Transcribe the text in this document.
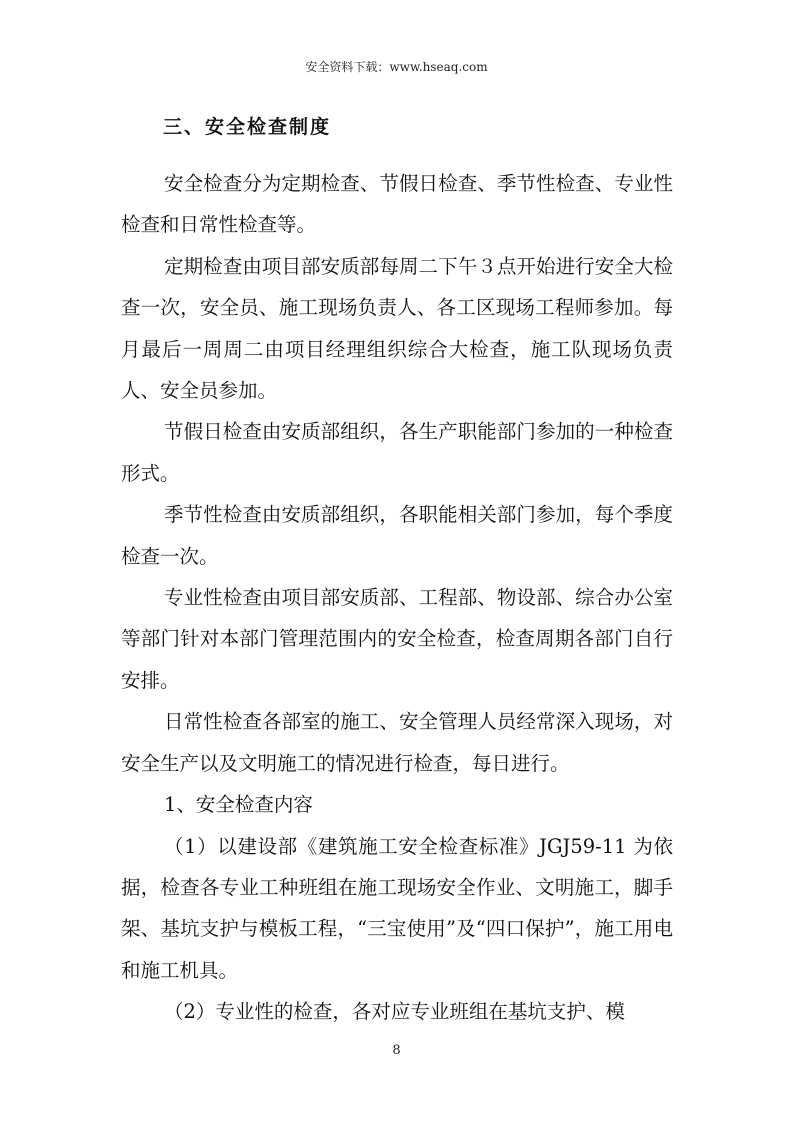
安全资料下载：www.hseaq.com
三、安全检查制度

安全检查分为定期检查、节假日检查、季节性检查、专业性检查和日常性检查等。

定期检查由项目部安质部每周二下午３点开始进行安全大检查一次，安全员、施工现场负责人、各工区现场工程师参加。每月最后一周周二由项目经理组织综合大检查，施工队现场负责人、安全员参加。

节假日检查由安质部组织，各生产职能部门参加的一种检查形式。

季节性检查由安质部组织，各职能相关部门参加，每个季度检查一次。

专业性检查由项目部安质部、工程部、物设部、综合办公室等部门针对本部门管理范围内的安全检查，检查周期各部门自行安排。

日常性检查各部室的施工、安全管理人员经常深入现场，对安全生产以及文明施工的情况进行检查，每日进行。

1、安全检查内容

（1）以建设部《建筑施工安全检查标准》JGJ59-11 为依据，检查各专业工种班组在施工现场安全作业、文明施工，脚手架、基坑支护与模板工程，“三宝使用”及“四口保护”，施工用电和施工机具。

（2）专业性的检查，各对应专业班组在基坑支护、模

8
